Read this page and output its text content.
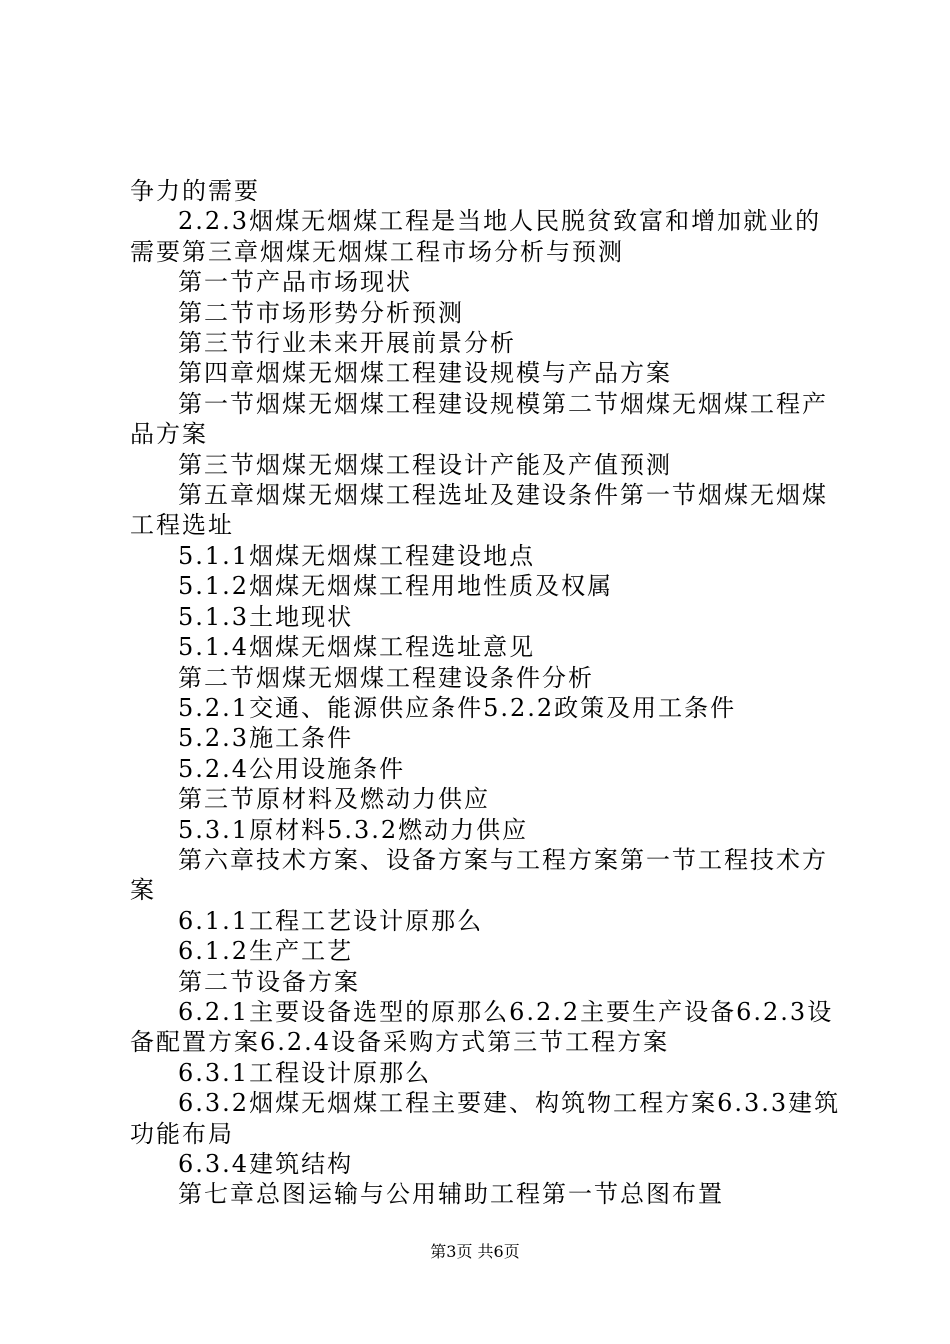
争力的需要

2.2.3烟煤无烟煤工程是当地人民脱贫致富和增加就业的需要第三章烟煤无烟煤工程市场分析与预测

第一节产品市场现状

第二节市场形势分析预测

第三节行业未来开展前景分析

第四章烟煤无烟煤工程建设规模与产品方案

第一节烟煤无烟煤工程建设规模第二节烟煤无烟煤工程产品方案

第三节烟煤无烟煤工程设计产能及产值预测

第五章烟煤无烟煤工程选址及建设条件第一节烟煤无烟煤工程选址

5.1.1烟煤无烟煤工程建设地点

5.1.2烟煤无烟煤工程用地性质及权属

5.1.3土地现状

5.1.4烟煤无烟煤工程选址意见

第二节烟煤无烟煤工程建设条件分析

5.2.1交通、能源供应条件5.2.2政策及用工条件

5.2.3施工条件

5.2.4公用设施条件

第三节原材料及燃动力供应

5.3.1原材料5.3.2燃动力供应

第六章技术方案、设备方案与工程方案第一节工程技术方案

6.1.1工程工艺设计原那么

6.1.2生产工艺

第二节设备方案

6.2.1主要设备选型的原那么6.2.2主要生产设备6.2.3设备配置方案6.2.4设备采购方式第三节工程方案

6.3.1工程设计原那么

6.3.2烟煤无烟煤工程主要建、构筑物工程方案6.3.3建筑功能布局

6.3.4建筑结构

第七章总图运输与公用辅助工程第一节总图布置

第3页 共6页
